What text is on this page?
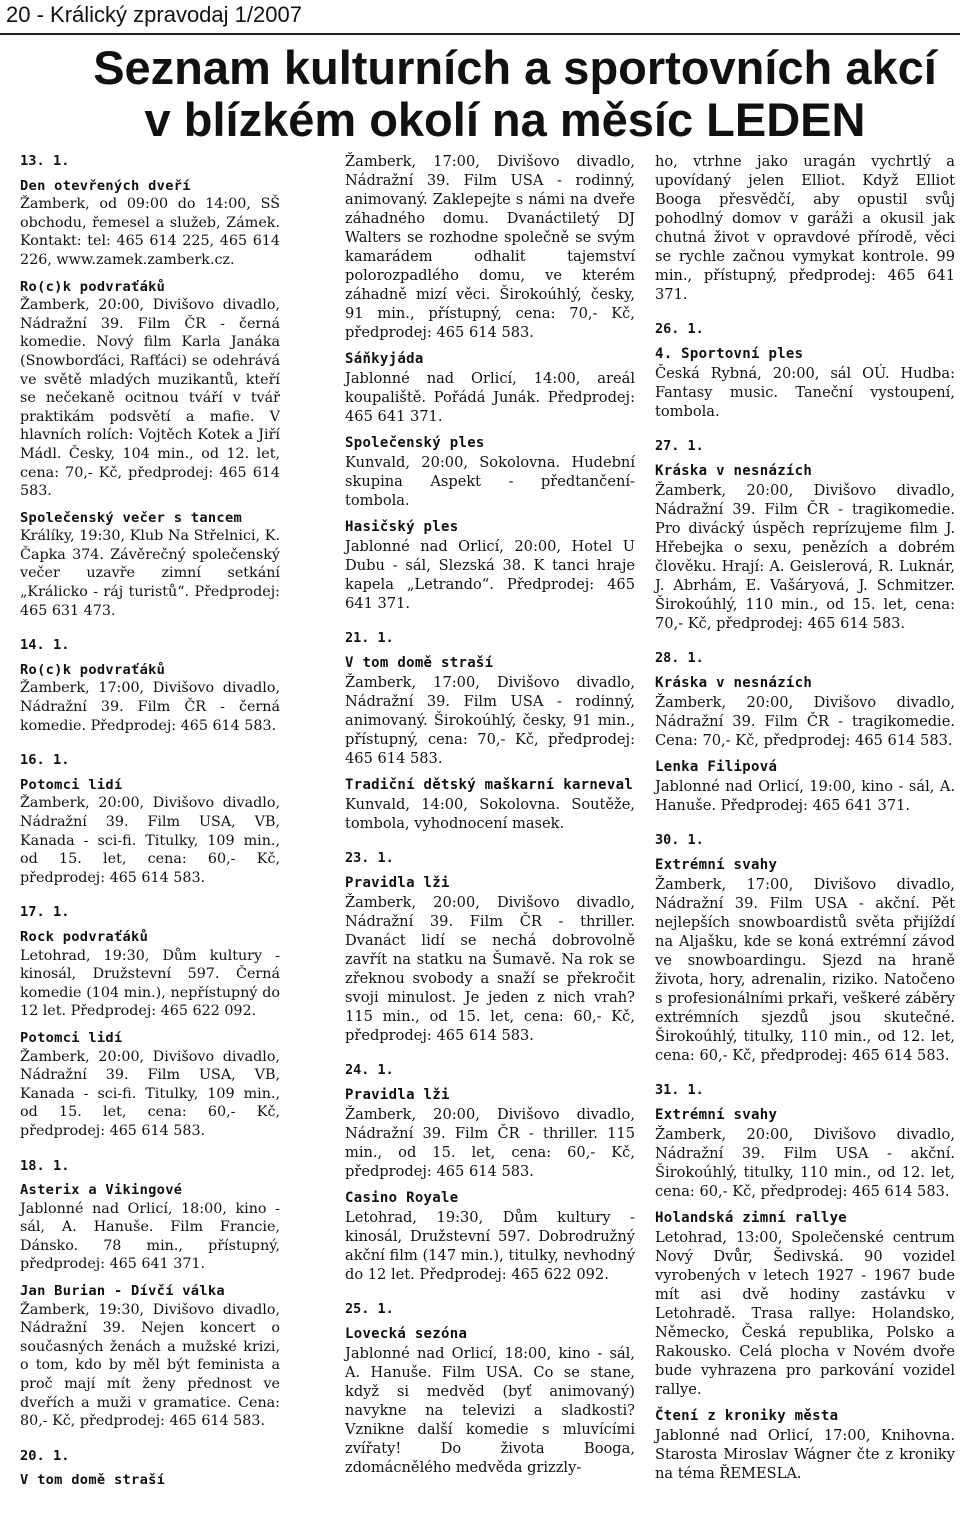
20 - Králický zpravodaj 1/2007
Seznam kulturních a sportovních akcí
v blízkém okolí na měsíc LEDEN
13. 1.
Den otevřených dveří
Žamberk, od 09:00 do 14:00, SŠ obchodu, řemesel a služeb, Zámek. Kontakt: tel: 465 614 225, 465 614 226, www.zamek.zamberk.cz.
Ro(c)k podvraťáků
Žamberk, 20:00, Divišovo divadlo, Nádražní 39. Film ČR - černá komedie. Nový film Karla Janáka (Snowborďáci, Rafťáci) se odehrává ve světě mladých muzikantů, kteří se nečekaně ocitnou tváří v tvář praktikám podsvětí a mafie. V hlavních rolích: Vojtěch Kotek a Jiří Mádl. Česky, 104 min., od 12. let, cena: 70,- Kč, předprodej: 465 614 583.
Společenský večer s tancem
Králíky, 19:30, Klub Na Střelnici, K. Čapka 374. Závěrečný společenský večer uzavře zimní setkání „Králicko - ráj turistů“. Předprodej: 465 631 473.
14. 1.
Ro(c)k podvraťáků
Žamberk, 17:00, Divišovo divadlo, Nádražní 39. Film ČR - černá komedie. Předprodej: 465 614 583.
16. 1.
Potomci lidí
Žamberk, 20:00, Divišovo divadlo, Nádražní 39. Film USA, VB, Kanada - sci-fi. Titulky, 109 min., od 15. let, cena: 60,- Kč, předprodej: 465 614 583.
17. 1.
Rock podvraťáků
Letohrad, 19:30, Dům kultury - kinosál, Družstevní 597. Černá komedie (104 min.), nepřístupný do 12 let. Předprodej: 465 622 092.
Potomci lidí
Žamberk, 20:00, Divišovo divadlo, Nádražní 39. Film USA, VB, Kanada - sci-fi. Titulky, 109 min., od 15. let, cena: 60,- Kč, předprodej: 465 614 583.
18. 1.
Asterix a Vikingové
Jablonné nad Orlicí, 18:00, kino - sál, A. Hanuše. Film Francie, Dánsko. 78 min., přístupný, předprodej: 465 641 371.
Jan Burian - Dívčí válka
Žamberk, 19:30, Divišovo divadlo, Nádražní 39. Nejen koncert o současných ženách a mužské krizi, o tom, kdo by měl být feminista a proč mají mít ženy přednost ve dveřích a muži v gramatice. Cena: 80,- Kč, předprodej: 465 614 583.
20. 1.
V tom domě straší
Žamberk, 17:00, Divišovo divadlo, Nádražní 39. Film USA - rodinný, animovaný. Zaklepejte s námi na dveře záhadného domu. Dvanáctiletý DJ Walters se rozhodne společně se svým kamarádem odhalit tajemství polorozpadlého domu, ve kterém záhadně mizí věci. Širokoúhlý, česky, 91 min., přístupný, cena: 70,- Kč, předprodej: 465 614 583.
Sáňkyjáda
Jablonné nad Orlicí, 14:00, areál koupaliště. Pořádá Junák. Předprodej: 465 641 371.
Společenský ples
Kunvald, 20:00, Sokolovna. Hudební skupina Aspekt - předtančení- tombola.
Hasičský ples
Jablonné nad Orlicí, 20:00, Hotel U Dubu - sál, Slezská 38. K tanci hraje kapela „Letrando“. Předprodej: 465 641 371.
21. 1.
V tom domě straší
Žamberk, 17:00, Divišovo divadlo, Nádražní 39. Film USA - rodinný, animovaný. Širokoúhlý, česky, 91 min., přístupný, cena: 70,- Kč, předprodej: 465 614 583.
Tradiční dětský maškarní karneval
Kunvald, 14:00, Sokolovna. Soutěže, tombola, vyhodnocení masek.
23. 1.
Pravidla lži
Žamberk, 20:00, Divišovo divadlo, Nádražní 39. Film ČR - thriller. Dvanáct lidí se nechá dobrovolně zavřít na statku na Šumavě. Na rok se zřeknou svobody a snaží se překročit svoji minulost. Je jeden z nich vrah? 115 min., od 15. let, cena: 60,- Kč, předprodej: 465 614 583.
24. 1.
Pravidla lži
Žamberk, 20:00, Divišovo divadlo, Nádražní 39. Film ČR - thriller. 115 min., od 15. let, cena: 60,- Kč, předprodej: 465 614 583.
Casino Royale
Letohrad, 19:30, Dům kultury - kinosál, Družstevní 597. Dobrodružný akční film (147 min.), titulky, nevhodný do 12 let. Předprodej: 465 622 092.
25. 1.
Lovecká sezóna
Jablonné nad Orlicí, 18:00, kino - sál, A. Hanuše. Film USA. Co se stane, když si medvěd (byť animovaný) navykne na televizi a sladkosti? Vznikne další komedie s mluvícími zvířaty! Do života Booga, zdomácnělého medvěda grizzly-
ho, vtrhne jako uragán vychrtlý a upovídaný jelen Elliot. Když Elliot Booga přesvědčí, aby opustil svůj pohodlný domov v garáži a okusil jak chutná život v opravdové přírodě, věci se rychle začnou vymykat kontrole. 99 min., přístupný, předprodej: 465 641 371.
26. 1.
4. Sportovní ples
Česká Rybná, 20:00, sál OÚ. Hudba: Fantasy music. Taneční vystoupení, tombola.
27. 1.
Kráska v nesnázích
Žamberk, 20:00, Divišovo divadlo, Nádražní 39. Film ČR - tragikomedie. Pro divácký úspěch reprízujeme film J. Hřebejka o sexu, penězích a dobrém člověku. Hrají: A. Geislerová, R. Luknár, J. Abrhám, E. Vašáryová, J. Schmitzer. Širokoúhlý, 110 min., od 15. let, cena: 70,- Kč, předprodej: 465 614 583.
28. 1.
Kráska v nesnázích
Žamberk, 20:00, Divišovo divadlo, Nádražní 39. Film ČR - tragikomedie. Cena: 70,- Kč, předprodej: 465 614 583.
Lenka Filipová
Jablonné nad Orlicí, 19:00, kino - sál, A. Hanuše. Předprodej: 465 641 371.
30. 1.
Extrémní svahy
Žamberk, 17:00, Divišovo divadlo, Nádražní 39. Film USA - akční. Pět nejlepších snowboardistů světa přijíždí na Aljašku, kde se koná extrémní závod ve snowboardingu. Sjezd na hraně života, hory, adrenalin, riziko. Natočeno s profesionálními prkaři, veškeré záběry extrémních sjezdů jsou skutečné. Širokoúhlý, titulky, 110 min., od 12. let, cena: 60,- Kč, předprodej: 465 614 583.
31. 1.
Extrémní svahy
Žamberk, 20:00, Divišovo divadlo, Nádražní 39. Film USA - akční. Širokoúhlý, titulky, 110 min., od 12. let, cena: 60,- Kč, předprodej: 465 614 583.
Holandská zimní rallye
Letohrad, 13:00, Společenské centrum Nový Dvůr, Šedivská. 90 vozidel vyrobených v letech 1927 - 1967 bude mít asi dvě hodiny zastávku v Letohradě. Trasa rallye: Holandsko, Německo, Česká republika, Polsko a Rakousko. Celá plocha v Novém dvoře bude vyhrazena pro parkování vozidel rallye.
Čtení z kroniky města
Jablonné nad Orlicí, 17:00, Knihovna. Starosta Miroslav Wágner čte z kroniky na téma ŘEMESLA.
